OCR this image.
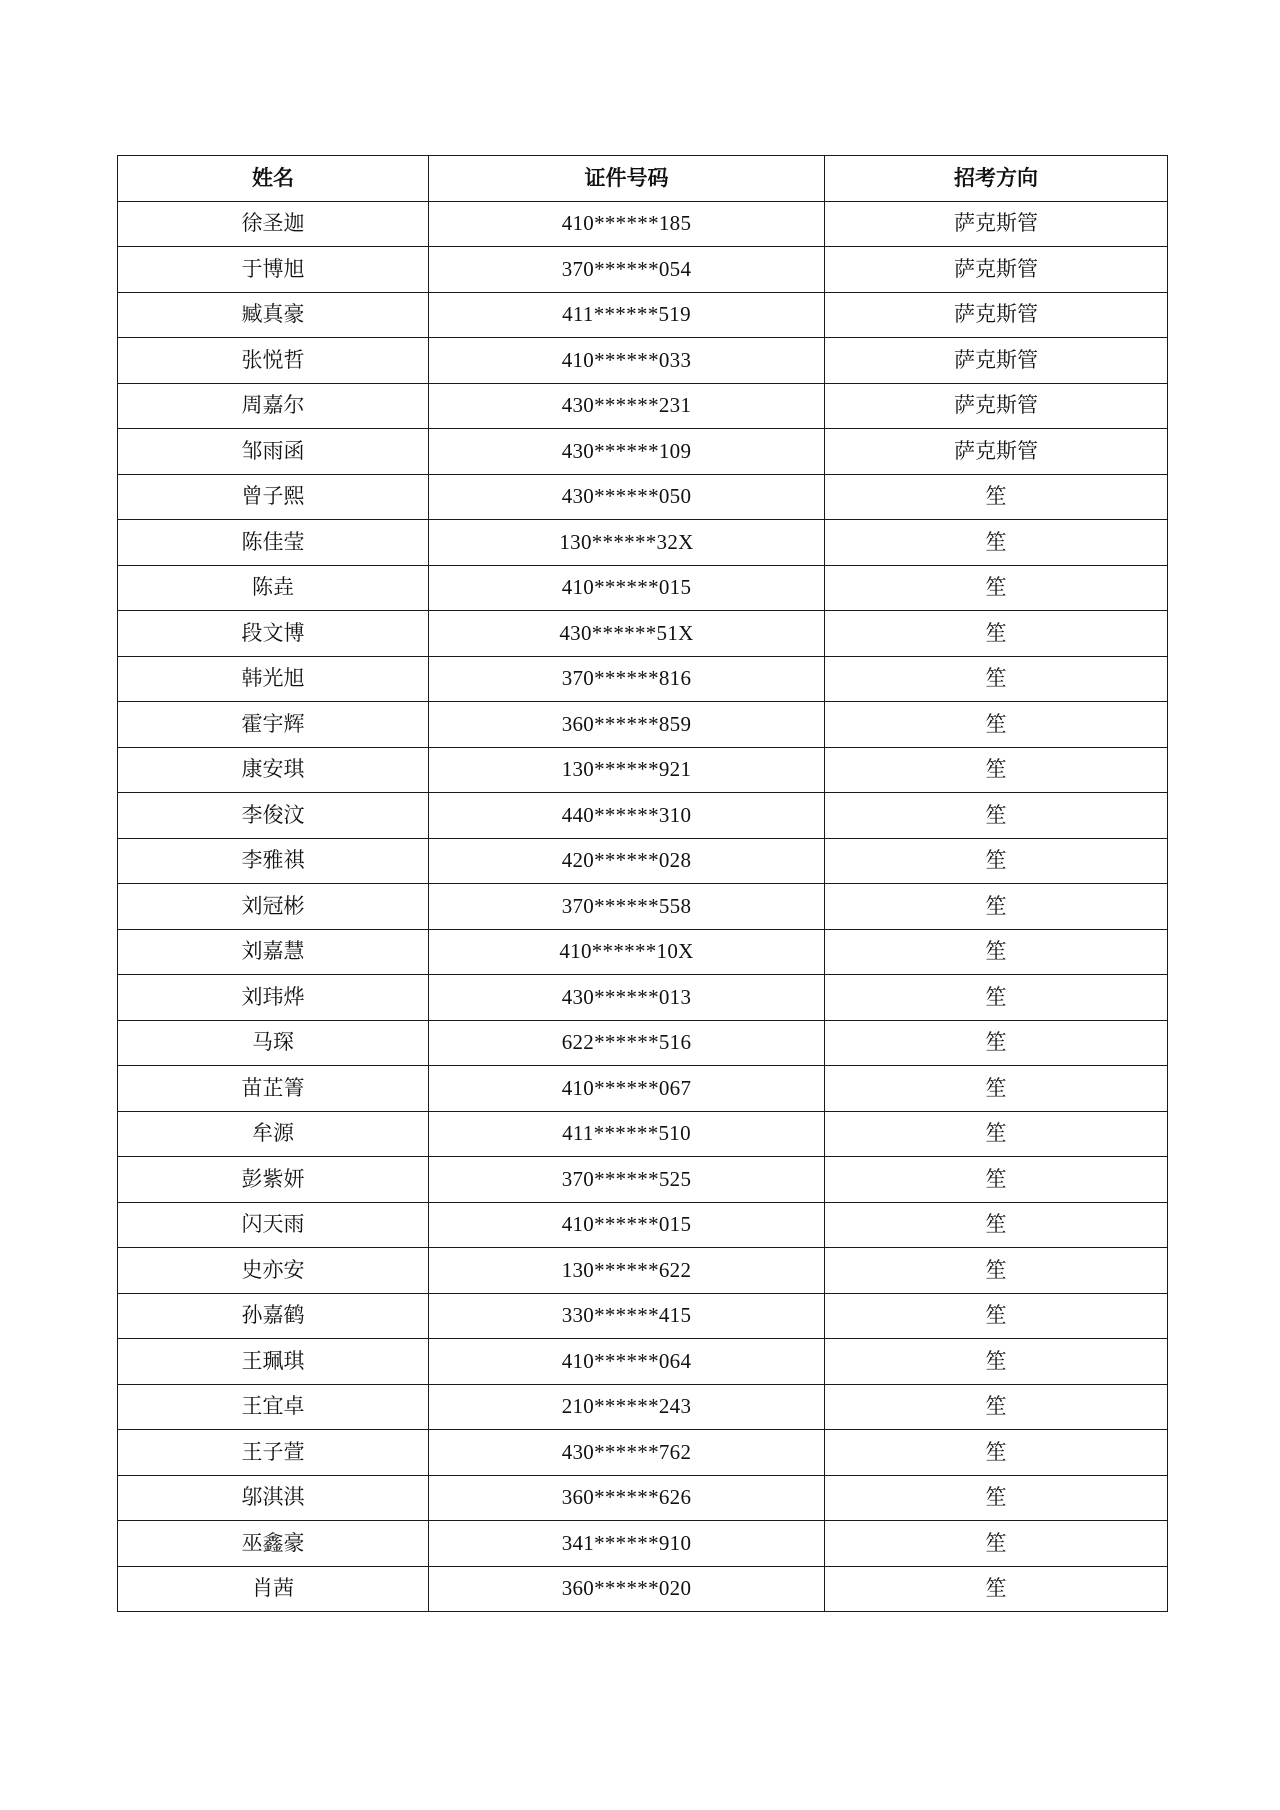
姓名	证件号码	招考方向
徐圣迦	410******185	萨克斯管
于博旭	370******054	萨克斯管
臧真豪	411******519	萨克斯管
张悦哲	410******033	萨克斯管
周嘉尔	430******231	萨克斯管
邹雨函	430******109	萨克斯管
曾子熙	430******050	笙
陈佳莹	130******32X	笙
陈垚	410******015	笙
段文博	430******51X	笙
韩光旭	370******816	笙
霍宇辉	360******859	笙
康安琪	130******921	笙
李俊汶	440******310	笙
李雅祺	420******028	笙
刘冠彬	370******558	笙
刘嘉慧	410******10X	笙
刘玮烨	430******013	笙
马琛	622******516	笙
苗芷箐	410******067	笙
牟源	411******510	笙
彭紫妍	370******525	笙
闪天雨	410******015	笙
史亦安	130******622	笙
孙嘉鹤	330******415	笙
王珮琪	410******064	笙
王宜卓	210******243	笙
王子萱	430******762	笙
邬淇淇	360******626	笙
巫鑫豪	341******910	笙
肖茜	360******020	笙
